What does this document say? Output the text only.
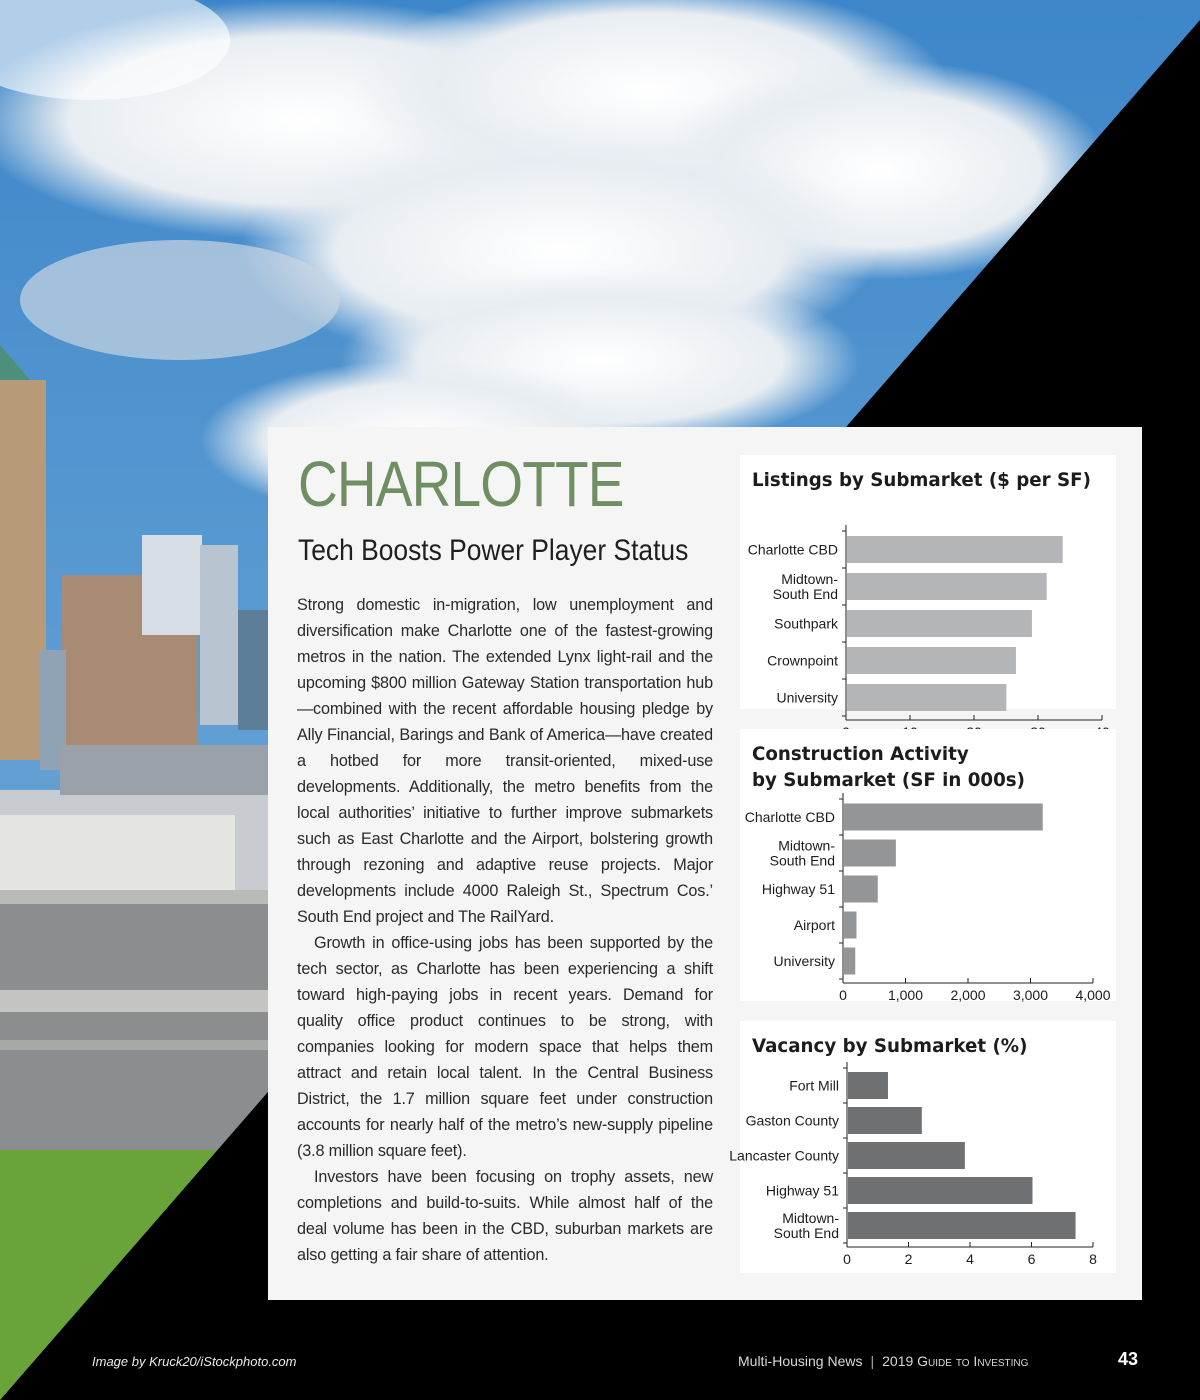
CHARLOTTE
Tech Boosts Power Player Status

Strong domestic in-migration, low unemployment and diversification make Charlotte one of the fastest-growing metros in the nation. The extended Lynx light-rail and the upcoming $800 million Gateway Station transportation hub—combined with the recent affordable housing pledge by Ally Financial, Barings and Bank of America—have created a hotbed for more transit-oriented, mixed-use developments. Additionally, the metro benefits from the local authorities’ initiative to further improve submarkets such as East Charlotte and the Airport, bolstering growth through rezoning and adaptive reuse projects. Major developments include 4000 Raleigh St., Spectrum Cos.’ South End project and The RailYard.

Growth in office-using jobs has been supported by the tech sector, as Charlotte has been experiencing a shift toward high-paying jobs in recent years. Demand for quality office product continues to be strong, with companies looking for modern space that helps them attract and retain local talent. In the Central Business District, the 1.7 million square feet under construction accounts for nearly half of the metro’s new-supply pipeline (3.8 million square feet).

Investors have been focusing on trophy assets, new completions and build-to-suits. While almost half of the deal volume has been in the CBD, suburban markets are also getting a fair share of attention.

Listings by Submarket ($ per SF)
Charlotte CBD
Midtown-South End
Southpark
Crownpoint
University
Construction Activity
by Submarket (SF in 000s)
Charlotte CBD
Midtown-South End
Highway 51
Airport
University
0	1,000 2,000 3,000 4,000
Vacancy by Submarket (%)
Fort Mill
Gaston County
Lancaster County
Highway 51
Midtown-South End
0	2	4	6	8
Image by Kruck20/iStockphoto.com	Multi-Housing News | 2019 Guide to Investing	43
